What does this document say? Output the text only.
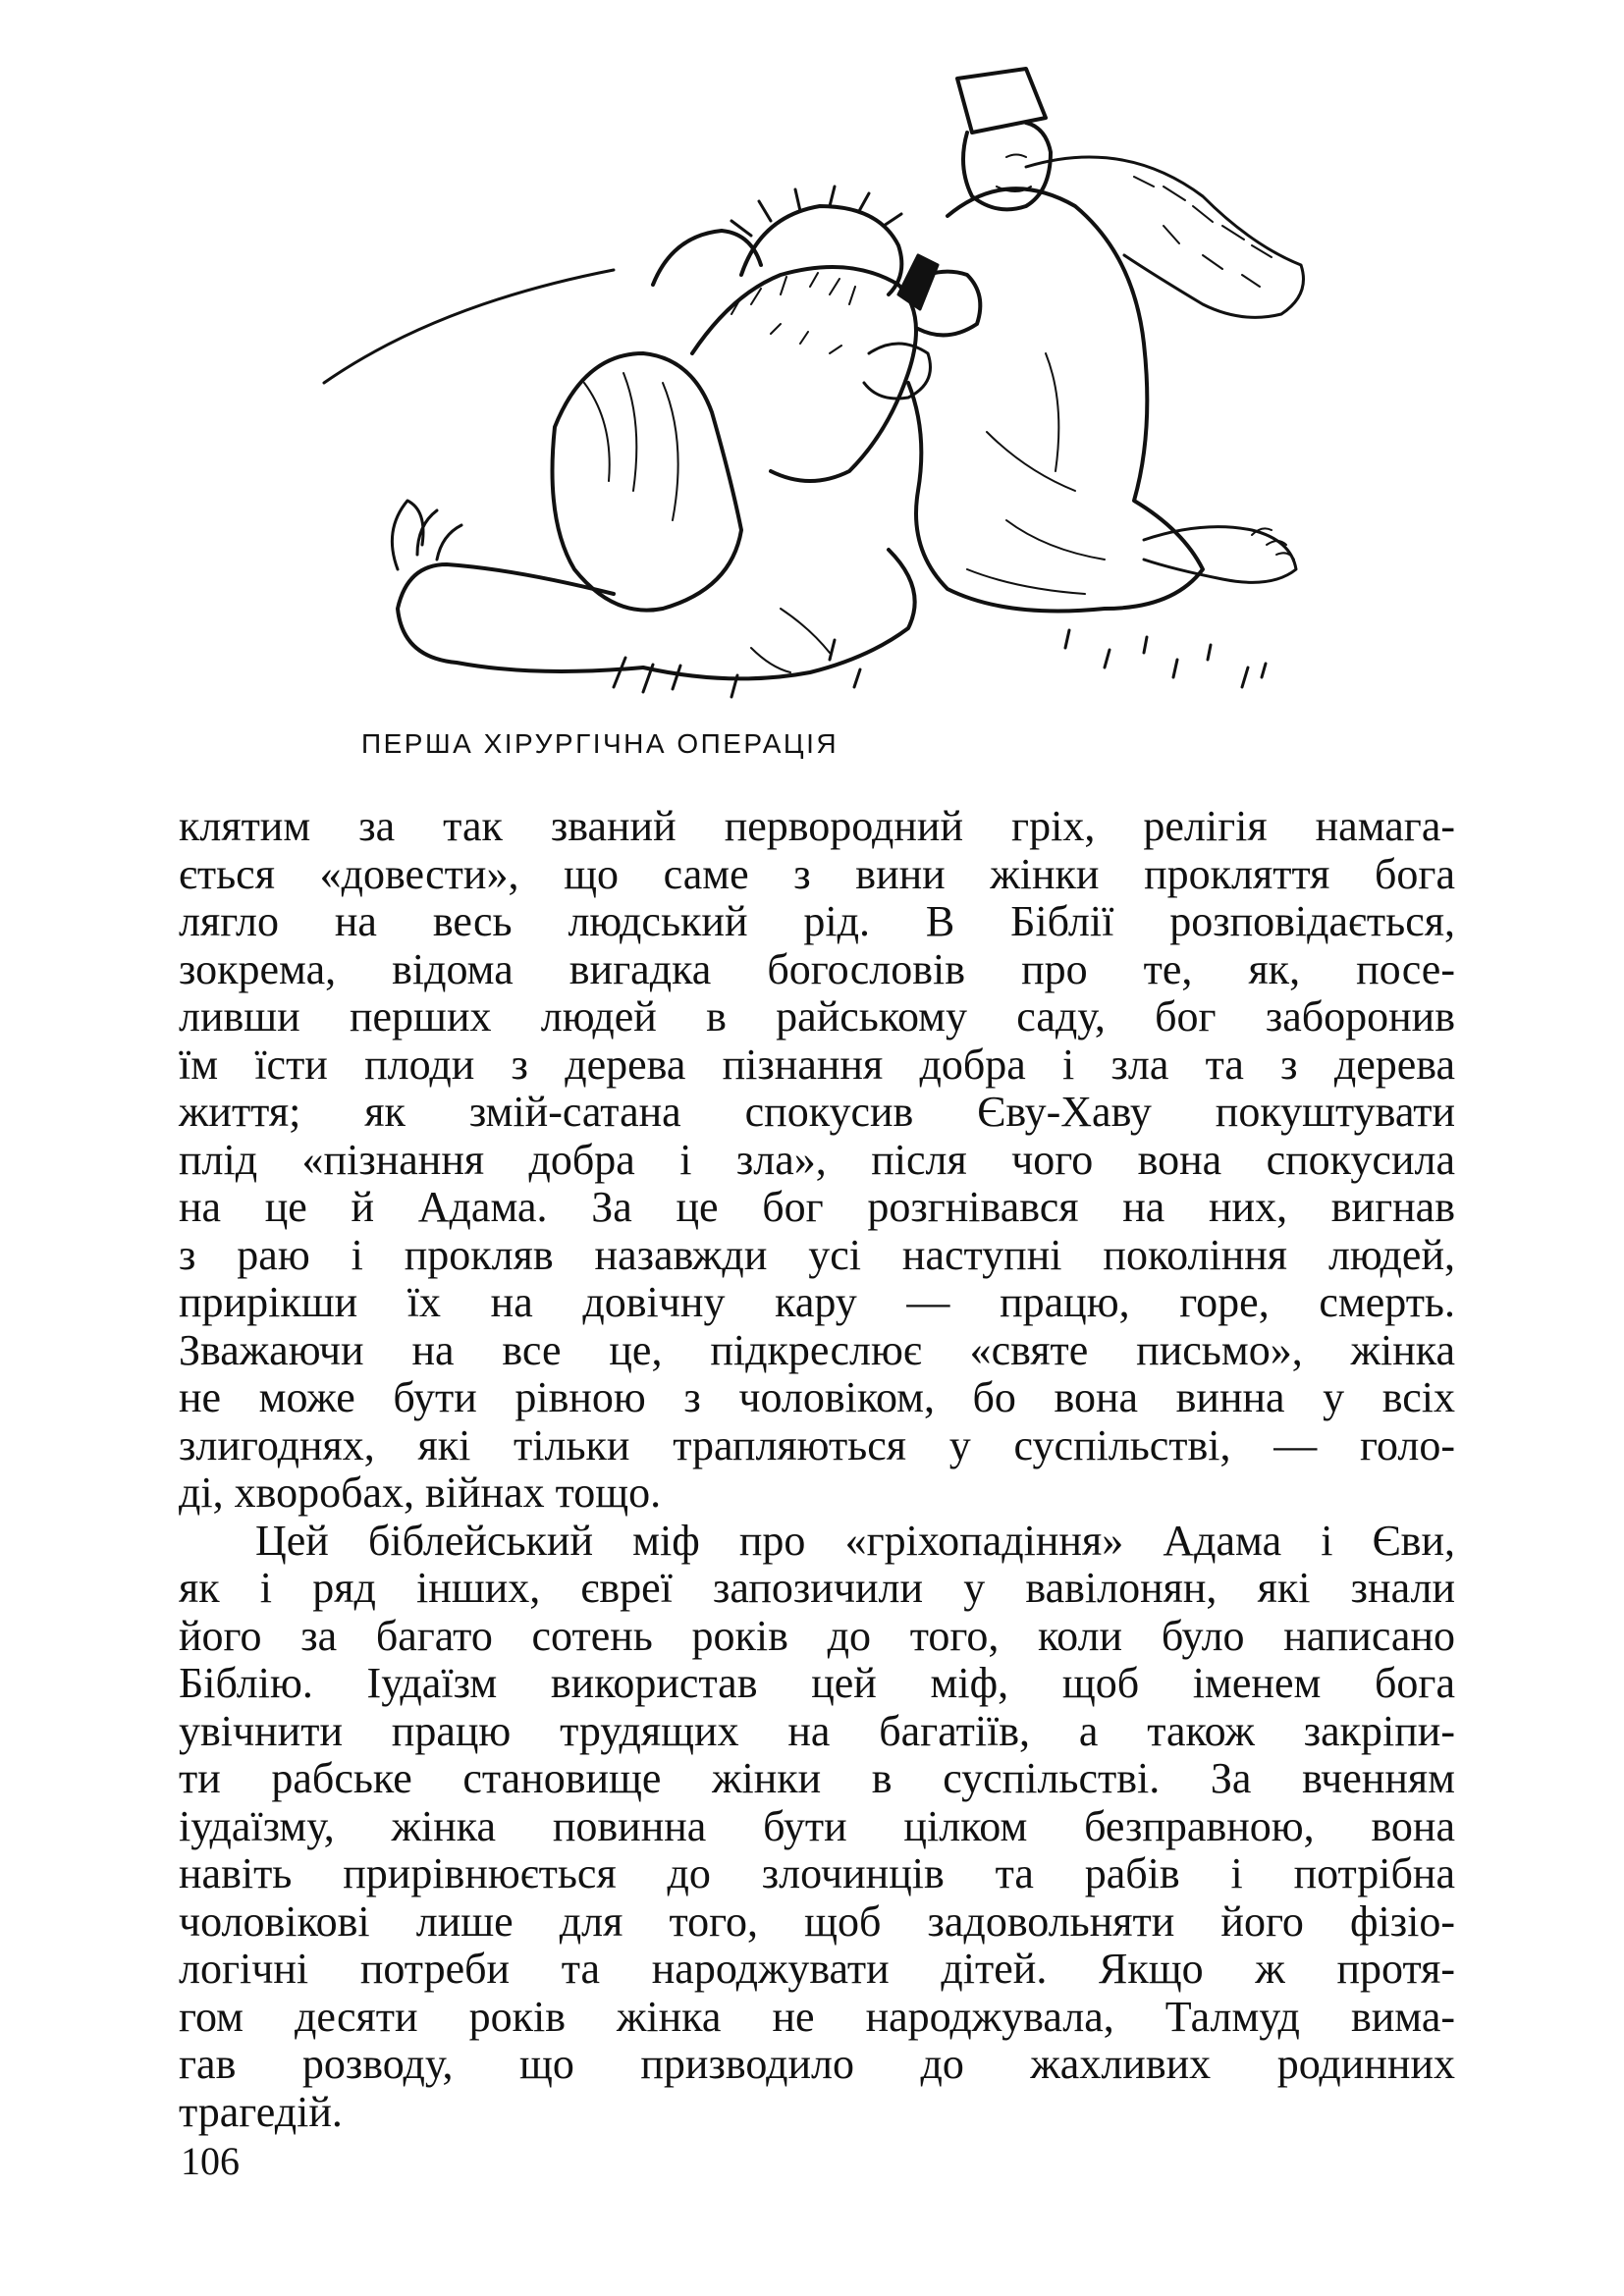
ПЕРША ХІРУРГІЧНА ОПЕРАЦІЯ
клятим за так званий первородний гріх, релігія намага-
ється «довести», що саме з вини жінки прокляття бога
лягло на весь людський рід. В Біблії розповідається,
зокрема, відома вигадка богословів про те, як, посе-
ливши перших людей в райському саду, бог заборонив
їм їсти плоди з дерева пізнання добра і зла та з дерева
життя; як змій-сатана спокусив Єву-Хаву покуштувати
плід «пізнання добра і зла», після чого вона спокусила
на це й Адама. За це бог розгнівався на них, вигнав
з раю і прокляв назавжди усі наступні покоління людей,
прирікши їх на довічну кару — працю, горе, смерть.
Зважаючи на все це, підкреслює «святе письмо», жінка
не може бути рівною з чоловіком, бо вона винна у всіх
злигоднях, які тільки трапляються у суспільстві, — голо-
ді, хворобах, війнах тощо.
Цей біблейський міф про «гріхопадіння» Адама і Єви,
як і ряд інших, євреї запозичили у вавілонян, які знали
його за багато сотень років до того, коли було написано
Біблію. Іудаїзм використав цей міф, щоб іменем бога
увічнити працю трудящих на багатіїв, а також закріпи-
ти рабське становище жінки в суспільстві. За вченням
іудаїзму, жінка повинна бути цілком безправною, вона
навіть прирівнюється до злочинців та рабів і потрібна
чоловікові лише для того, щоб задовольняти його фізіо-
логічні потреби та народжувати дітей. Якщо ж протя-
гом десяти років жінка не народжувала, Талмуд вима-
гав розводу, що призводило до жахливих родинних
трагедій.
106
